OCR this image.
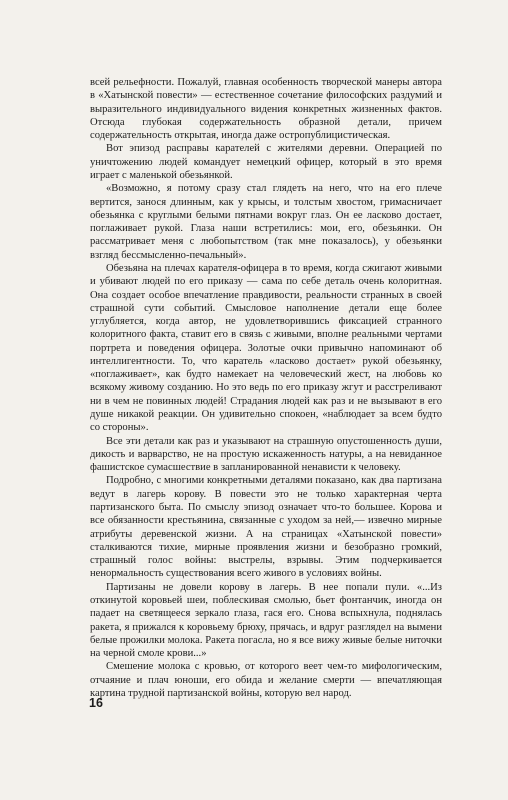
всей рельефности. Пожалуй, главная особенность творческой манеры автора в «Хатынской повести» — естественное сочетание философских раздумий и выразительного индивидуального видения конкретных жизненных фактов. Отсюда глубокая содержательность образной детали, причем содержательность открытая, иногда даже остропублицистическая.

Вот эпизод расправы карателей с жителями деревни. Операцией по уничтожению людей командует немецкий офицер, который в это время играет с маленькой обезьянкой.

«Возможно, я потому сразу стал глядеть на него, что на его плече вертится, занося длинным, как у крысы, и толстым хвостом, гримасничает обезьянка с круглыми белыми пятнами вокруг глаз. Он ее ласково достает, поглаживает рукой. Глаза наши встретились: мои, его, обезьянки. Он рассматривает меня с любопытством (так мне показалось), у обезьянки взгляд бессмысленно-печальный».

Обезьяна на плечах карателя-офицера в то время, когда сжигают живыми и убивают людей по его приказу — сама по себе деталь очень колоритная. Она создает особое впечатление правдивости, реальности странных в своей страшной сути событий. Смысловое наполнение детали еще более углубляется, когда автор, не удовлетворившись фиксацией странного колоритного факта, ставит его в связь с живыми, вполне реальными чертами портрета и поведения офицера. Золотые очки привычно напоминают об интеллигентности. То, что каратель «ласково достает» рукой обезьянку, «поглаживает», как будто намекает на человеческий жест, на любовь ко всякому живому созданию. Но это ведь по его приказу жгут и расстреливают ни в чем не повинных людей! Страдания людей как раз и не вызывают в его душе никакой реакции. Он удивительно спокоен, «наблюдает за всем будто со стороны».

Все эти детали как раз и указывают на страшную опустошенность души, дикость и варварство, не на простую искаженность натуры, а на невиданное фашистское сумасшествие в запланированной ненависти к человеку.

Подробно, с многими конкретными деталями показано, как два партизана ведут в лагерь корову. В повести это не только характерная черта партизанского быта. По смыслу эпизод означает что-то большее. Корова и все обязанности крестьянина, связанные с уходом за ней,— извечно мирные атрибуты деревенской жизни. А на страницах «Хатынской повести» сталкиваются тихие, мирные проявления жизни и безобразно громкий, страшный голос войны: выстрелы, взрывы. Этим подчеркивается ненормальность существования всего живого в условиях войны.

Партизаны не довели корову в лагерь. В нее попали пули. «...Из откинутой коровьей шеи, поблескивая смолью, бьет фонтанчик, иногда он падает на светящееся зеркало глаза, гася его. Снова вспыхнула, поднялась ракета, я прижался к коровьему брюху, прячась, и вдруг разглядел на вымени белые прожилки молока. Ракета погасла, но я все вижу живые белые ниточки на черной смоле крови...»

Смешение молока с кровью, от которого веет чем-то мифологическим, отчаяние и плач юноши, его обида и желание смерти — впечатляющая картина трудной партизанской войны, которую вел народ.

16
